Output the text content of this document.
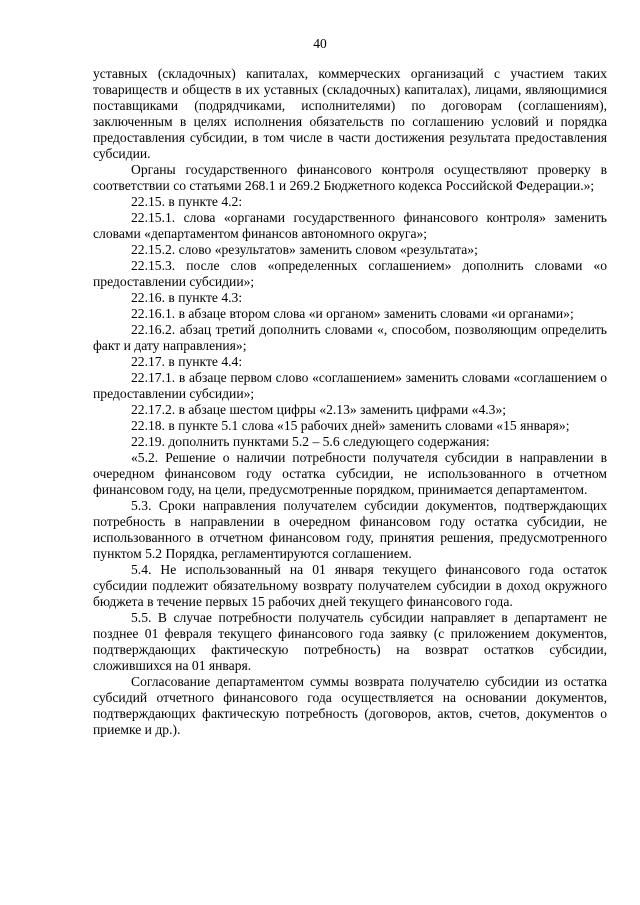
40

уставных (складочных) капиталах, коммерческих организаций с участием таких товариществ и обществ в их уставных (складочных) капиталах), лицами, являющимися поставщиками (подрядчиками, исполнителями) по договорам (соглашениям), заключенным в целях исполнения обязательств по соглашению условий и порядка предоставления субсидии, в том числе в части достижения результата предоставления субсидии.

Органы государственного финансового контроля осуществляют проверку в соответствии со статьями 268.1 и 269.2 Бюджетного кодекса Российской Федерации.»;

22.15. в пункте 4.2:

22.15.1. слова «органами государственного финансового контроля» заменить словами «департаментом финансов автономного округа»;

22.15.2. слово «результатов» заменить словом «результата»;

22.15.3. после слов «определенных соглашением» дополнить словами «о предоставлении субсидии»;

22.16. в пункте 4.3:

22.16.1. в абзаце втором слова «и органом» заменить словами «и органами»;

22.16.2. абзац третий дополнить словами «, способом, позволяющим определить факт и дату направления»;

22.17. в пункте 4.4:

22.17.1. в абзаце первом слово «соглашением» заменить словами «соглашением о предоставлении субсидии»;

22.17.2. в абзаце шестом цифры «2.13» заменить цифрами «4.3»;

22.18. в пункте 5.1 слова «15 рабочих дней» заменить словами «15 января»;

22.19. дополнить пунктами 5.2 – 5.6 следующего содержания:

«5.2. Решение о наличии потребности получателя субсидии в направлении в очередном финансовом году остатка субсидии, не использованного в отчетном финансовом году, на цели, предусмотренные порядком, принимается департаментом.

5.3. Сроки направления получателем субсидии документов, подтверждающих потребность в направлении в очередном финансовом году остатка субсидии, не использованного в отчетном финансовом году, принятия решения, предусмотренного пунктом 5.2 Порядка, регламентируются соглашением.

5.4. Не использованный на 01 января текущего финансового года остаток субсидии подлежит обязательному возврату получателем субсидии в доход окружного бюджета в течение первых 15 рабочих дней текущего финансового года.

5.5. В случае потребности получатель субсидии направляет в департамент не позднее 01 февраля текущего финансового года заявку (с приложением документов, подтверждающих фактическую потребность) на возврат остатков субсидии, сложившихся на 01 января.

Согласование департаментом суммы возврата получателю субсидии из остатка субсидий отчетного финансового года осуществляется на основании документов, подтверждающих фактическую потребность (договоров, актов, счетов, документов о приемке и др.).
